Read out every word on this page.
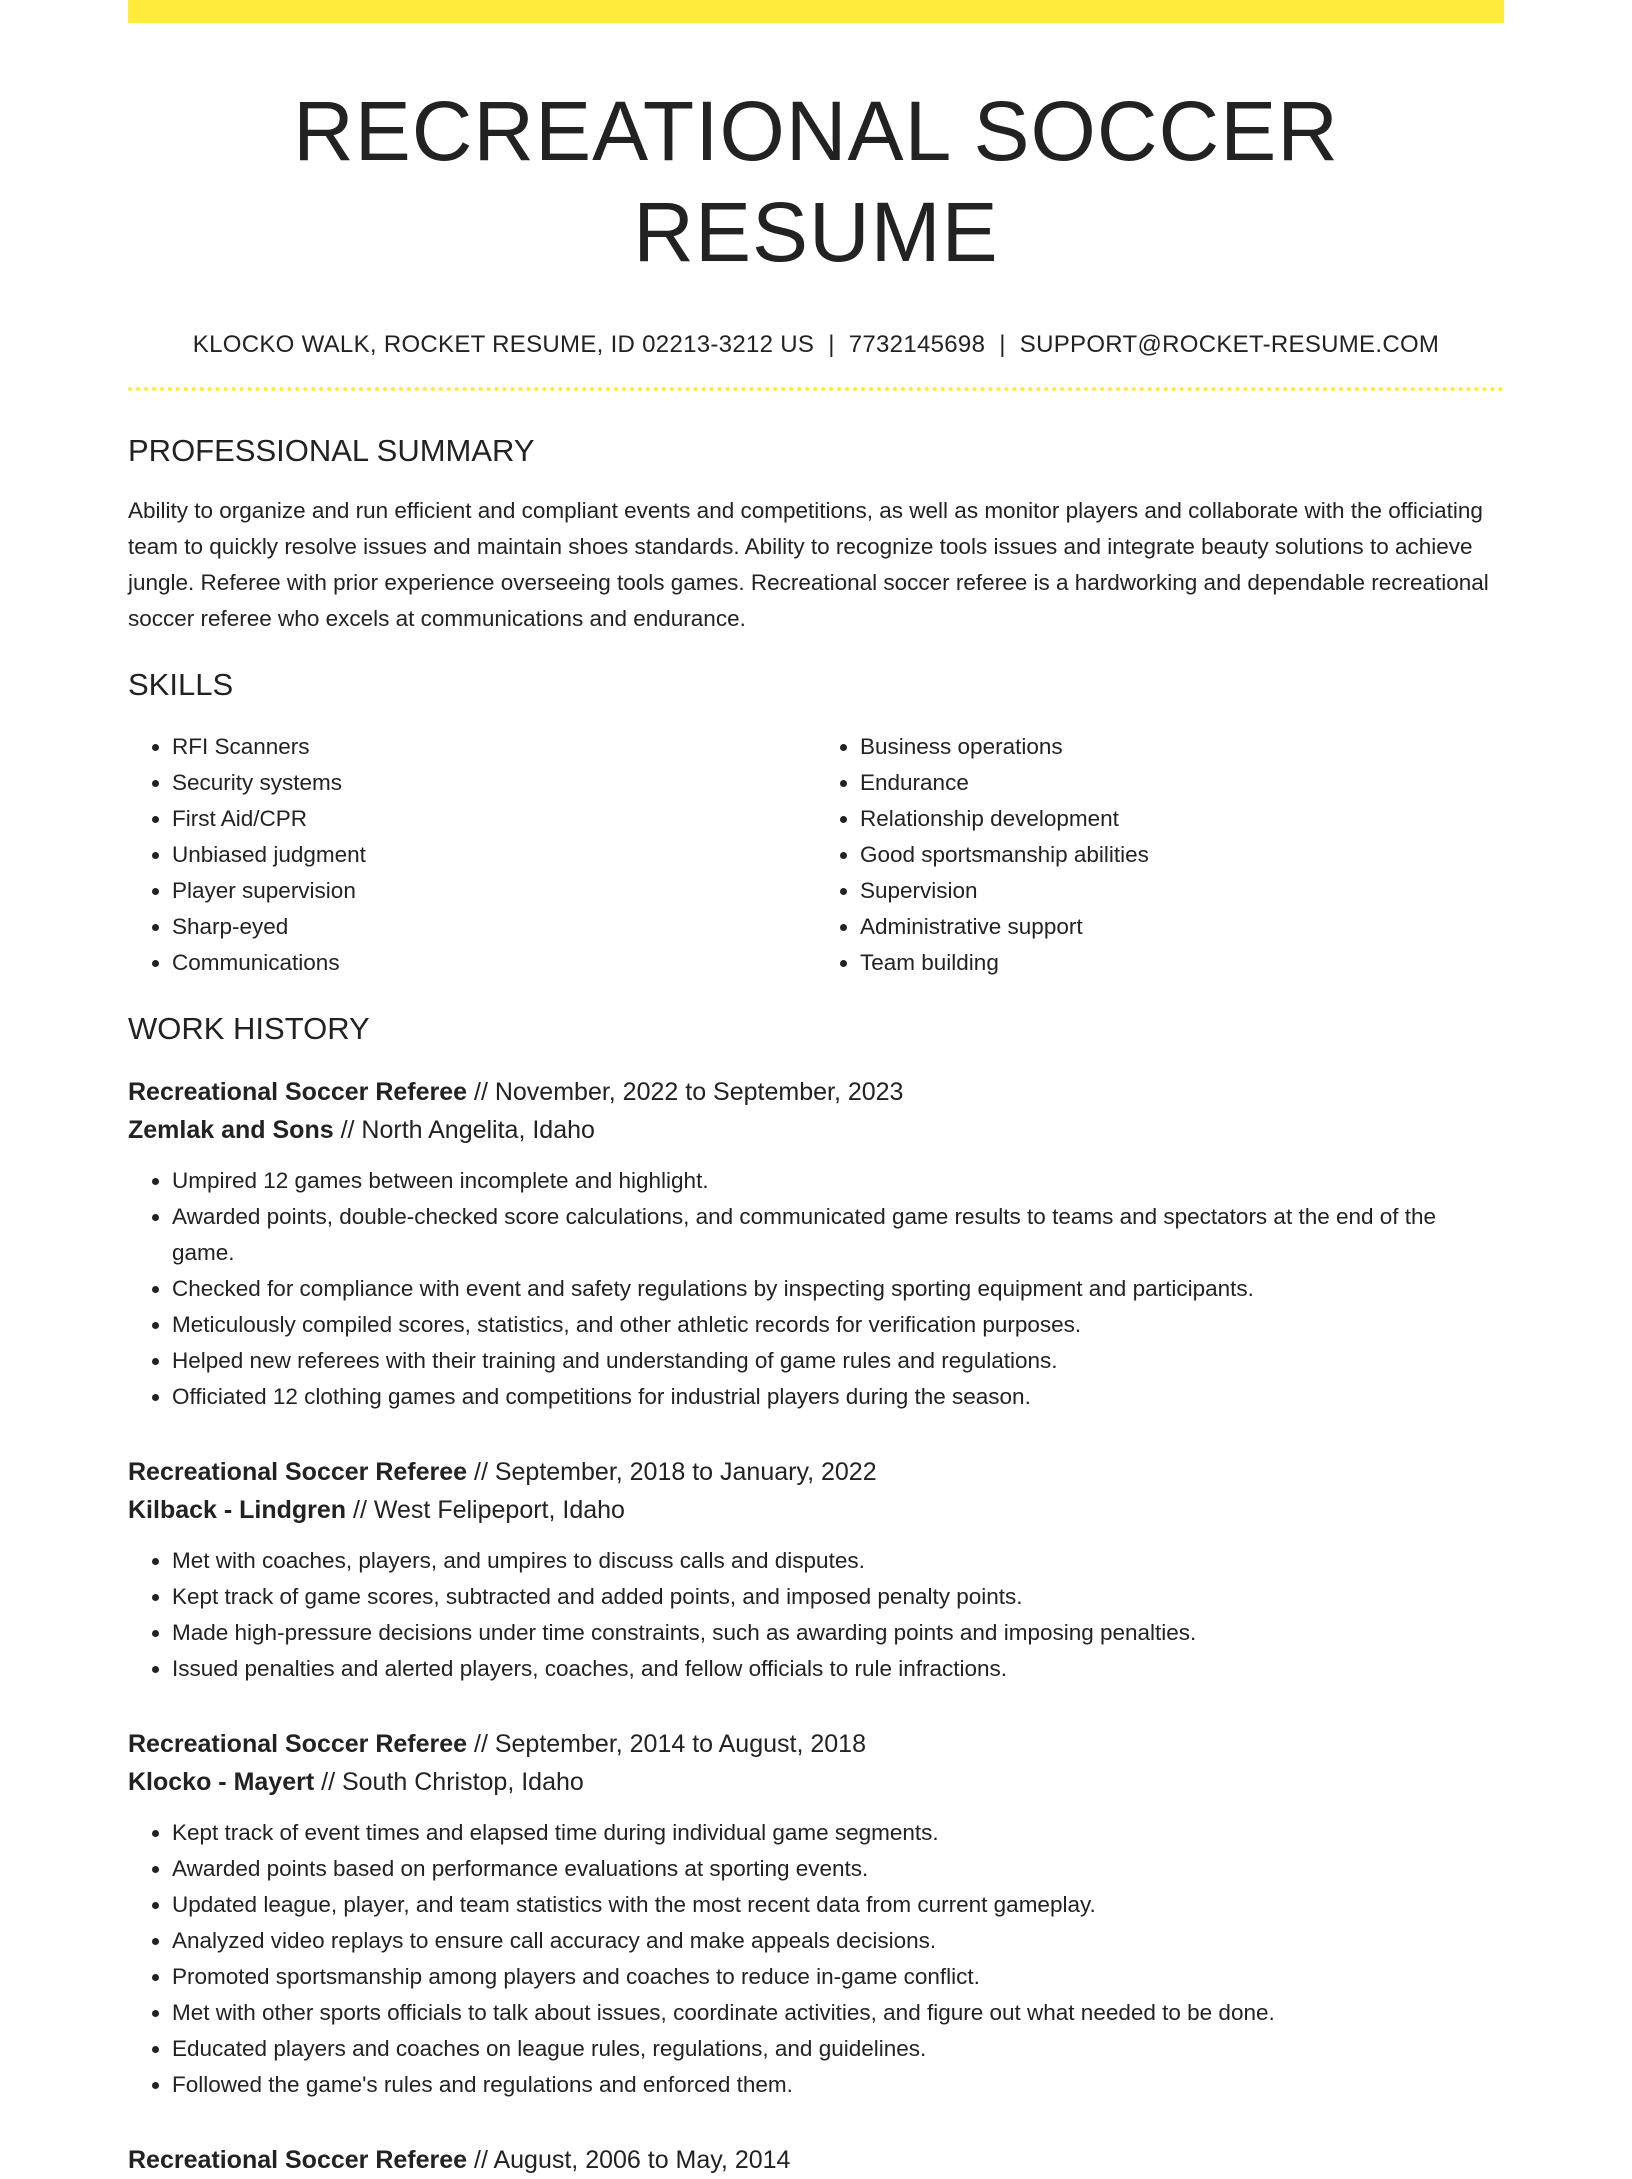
RECREATIONAL SOCCER RESUME
KLOCKO WALK, ROCKET RESUME, ID 02213-3212 US | 7732145698 | SUPPORT@ROCKET-RESUME.COM
PROFESSIONAL SUMMARY
Ability to organize and run efficient and compliant events and competitions, as well as monitor players and collaborate with the officiating team to quickly resolve issues and maintain shoes standards. Ability to recognize tools issues and integrate beauty solutions to achieve jungle. Referee with prior experience overseeing tools games. Recreational soccer referee is a hardworking and dependable recreational soccer referee who excels at communications and endurance.
SKILLS
• RFI Scanners
• Security systems
• First Aid/CPR
• Unbiased judgment
• Player supervision
• Sharp-eyed
• Communications
• Business operations
• Endurance
• Relationship development
• Good sportsmanship abilities
• Supervision
• Administrative support
• Team building
WORK HISTORY
Recreational Soccer Referee // November, 2022 to September, 2023
Zemlak and Sons // North Angelita, Idaho
• Umpired 12 games between incomplete and highlight.
• Awarded points, double-checked score calculations, and communicated game results to teams and spectators at the end of the game.
• Checked for compliance with event and safety regulations by inspecting sporting equipment and participants.
• Meticulously compiled scores, statistics, and other athletic records for verification purposes.
• Helped new referees with their training and understanding of game rules and regulations.
• Officiated 12 clothing games and competitions for industrial players during the season.
Recreational Soccer Referee // September, 2018 to January, 2022
Kilback - Lindgren // West Felipeport, Idaho
• Met with coaches, players, and umpires to discuss calls and disputes.
• Kept track of game scores, subtracted and added points, and imposed penalty points.
• Made high-pressure decisions under time constraints, such as awarding points and imposing penalties.
• Issued penalties and alerted players, coaches, and fellow officials to rule infractions.
Recreational Soccer Referee // September, 2014 to August, 2018
Klocko - Mayert // South Christop, Idaho
• Kept track of event times and elapsed time during individual game segments.
• Awarded points based on performance evaluations at sporting events.
• Updated league, player, and team statistics with the most recent data from current gameplay.
• Analyzed video replays to ensure call accuracy and make appeals decisions.
• Promoted sportsmanship among players and coaches to reduce in-game conflict.
• Met with other sports officials to talk about issues, coordinate activities, and figure out what needed to be done.
• Educated players and coaches on league rules, regulations, and guidelines.
• Followed the game's rules and regulations and enforced them.
Recreational Soccer Referee // August, 2006 to May, 2014
